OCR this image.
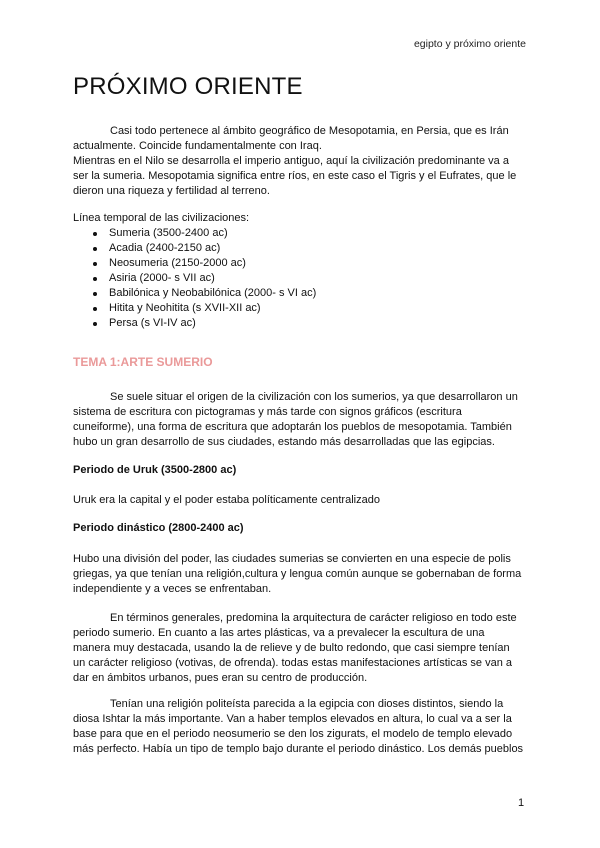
egipto y próximo oriente
PRÓXIMO ORIENTE
Casi todo pertenece al ámbito geográfico de Mesopotamia, en Persia, que es Irán
actualmente. Coincide fundamentalmente con Iraq.
Mientras en el Nilo se desarrolla el imperio antiguo, aquí la civilización predominante va a
ser la sumeria. Mesopotamia significa entre ríos, en este caso el Tigris y el Eufrates, que le
dieron una riqueza y fertilidad al terreno.
Línea temporal de las civilizaciones:
Sumeria (3500-2400 ac)
Acadia (2400-2150 ac)
Neosumeria (2150-2000 ac)
Asiria (2000- s VII ac)
Babilónica y Neobabilónica (2000- s VI ac)
Hitita y Neohitita (s XVII-XII ac)
Persa (s VI-IV ac)
TEMA 1:ARTE SUMERIO
Se suele situar el origen de la civilización con los sumerios, ya que desarrollaron un
sistema de escritura con pictogramas y más tarde con signos gráficos (escritura
cuneiforme), una forma de escritura que adoptarán los pueblos de mesopotamia. También
hubo un gran desarrollo de sus ciudades, estando más desarrolladas que las egipcias.
Periodo de Uruk (3500-2800 ac)
Uruk era la capital y el poder estaba políticamente centralizado
Periodo dinástico (2800-2400 ac)
Hubo una división del poder, las ciudades sumerias se convierten en una especie de polis
griegas, ya que tenían una religión,cultura y lengua común aunque se gobernaban de forma
independiente y a veces se enfrentaban.
En términos generales, predomina la arquitectura de carácter religioso en todo este
periodo sumerio. En cuanto a las artes plásticas, va a prevalecer la escultura de una
manera muy destacada, usando la de relieve y de bulto redondo, que casi siempre tenían
un carácter religioso (votivas, de ofrenda). todas estas manifestaciones artísticas se van a
dar en ámbitos urbanos, pues eran su centro de producción.
Tenían una religión politeísta parecida a la egipcia con dioses distintos, siendo la
diosa Ishtar la más importante. Van a haber templos elevados en altura, lo cual va a ser la
base para que en el periodo neosumerio se den los zigurats, el modelo de templo elevado
más perfecto. Había un tipo de templo bajo durante el periodo dinástico. Los demás pueblos
1
